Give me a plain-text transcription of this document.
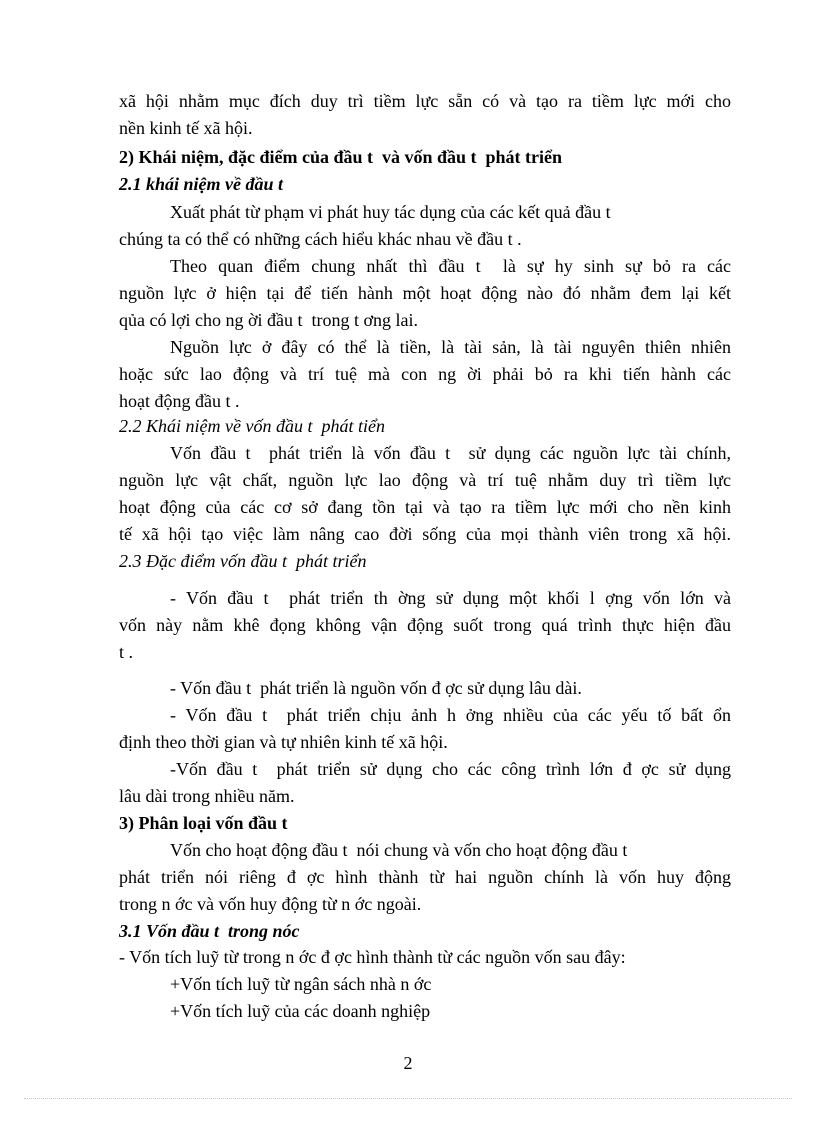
xã hội nhằm mục đích duy trì tiềm lực sẵn có và tạo ra tiềm lực mới cho
nền kinh tế xã hội.
2) Khái niệm, đặc điểm của đầu t  và vốn đầu t  phát triển
2.1 khái niệm về đầu t
Xuất phát từ phạm vi phát huy tác dụng của các kết quả đầu t
chúng ta có thể có những cách hiểu khác nhau về đầu t .
Theo quan điểm chung nhất thì đầu t  là sự hy sinh sự bỏ ra các
nguồn lực ở hiện tại để tiến hành một hoạt động nào đó nhằm đem lại kết
qủa có lợi cho ng ời đầu t  trong t ơng lai.
Nguồn lực ở đây có thể là tiền, là tài sản, là tài nguyên thiên nhiên
hoặc sức lao động và trí tuệ mà con ng ời phải bỏ ra khi tiến hành các
hoạt động đầu t .
2.2 Khái niệm về vốn đầu t  phát tiển
Vốn đầu t  phát triển là vốn đầu t  sử dụng các nguồn lực tài chính,
nguồn lực vật chất, nguồn lực lao động và trí tuệ nhằm duy trì tiềm lực
hoạt động của các cơ sở đang tồn tại và tạo ra tiềm lực mới cho nền kinh
tế xã hội tạo việc làm nâng cao đời sống của mọi thành viên trong xã hội.
2.3 Đặc điểm vốn đầu t  phát triển
- Vốn đầu t  phát triển th ờng sử dụng một khối l ợng vốn lớn và
vốn này nằm khê đọng không vận động suốt trong quá trình thực hiện đầu
t .
- Vốn đầu t  phát triển là nguồn vốn đ ợc sử dụng lâu dài.
- Vốn đầu t  phát triển chịu ảnh h ởng nhiều của các yếu tố bất ổn
định theo thời gian và tự nhiên kinh tế xã hội.
-Vốn đầu t  phát triển sử dụng cho các công trình lớn đ ợc sử dụng
lâu dài trong nhiều năm.
3) Phân loại vốn đầu t
Vốn cho hoạt động đầu t  nói chung và vốn cho hoạt động đầu t
phát triển nói riêng đ ợc hình thành từ hai nguồn chính là vốn huy động
trong n ớc và vốn huy động từ n ớc ngoài.
3.1 Vốn đầu t  trong nóc
- Vốn tích luỹ từ trong n ớc đ ợc hình thành từ các nguồn vốn sau đây:
+Vốn tích luỹ từ ngân sách nhà n ớc
+Vốn tích luỹ của các doanh nghiệp
2
